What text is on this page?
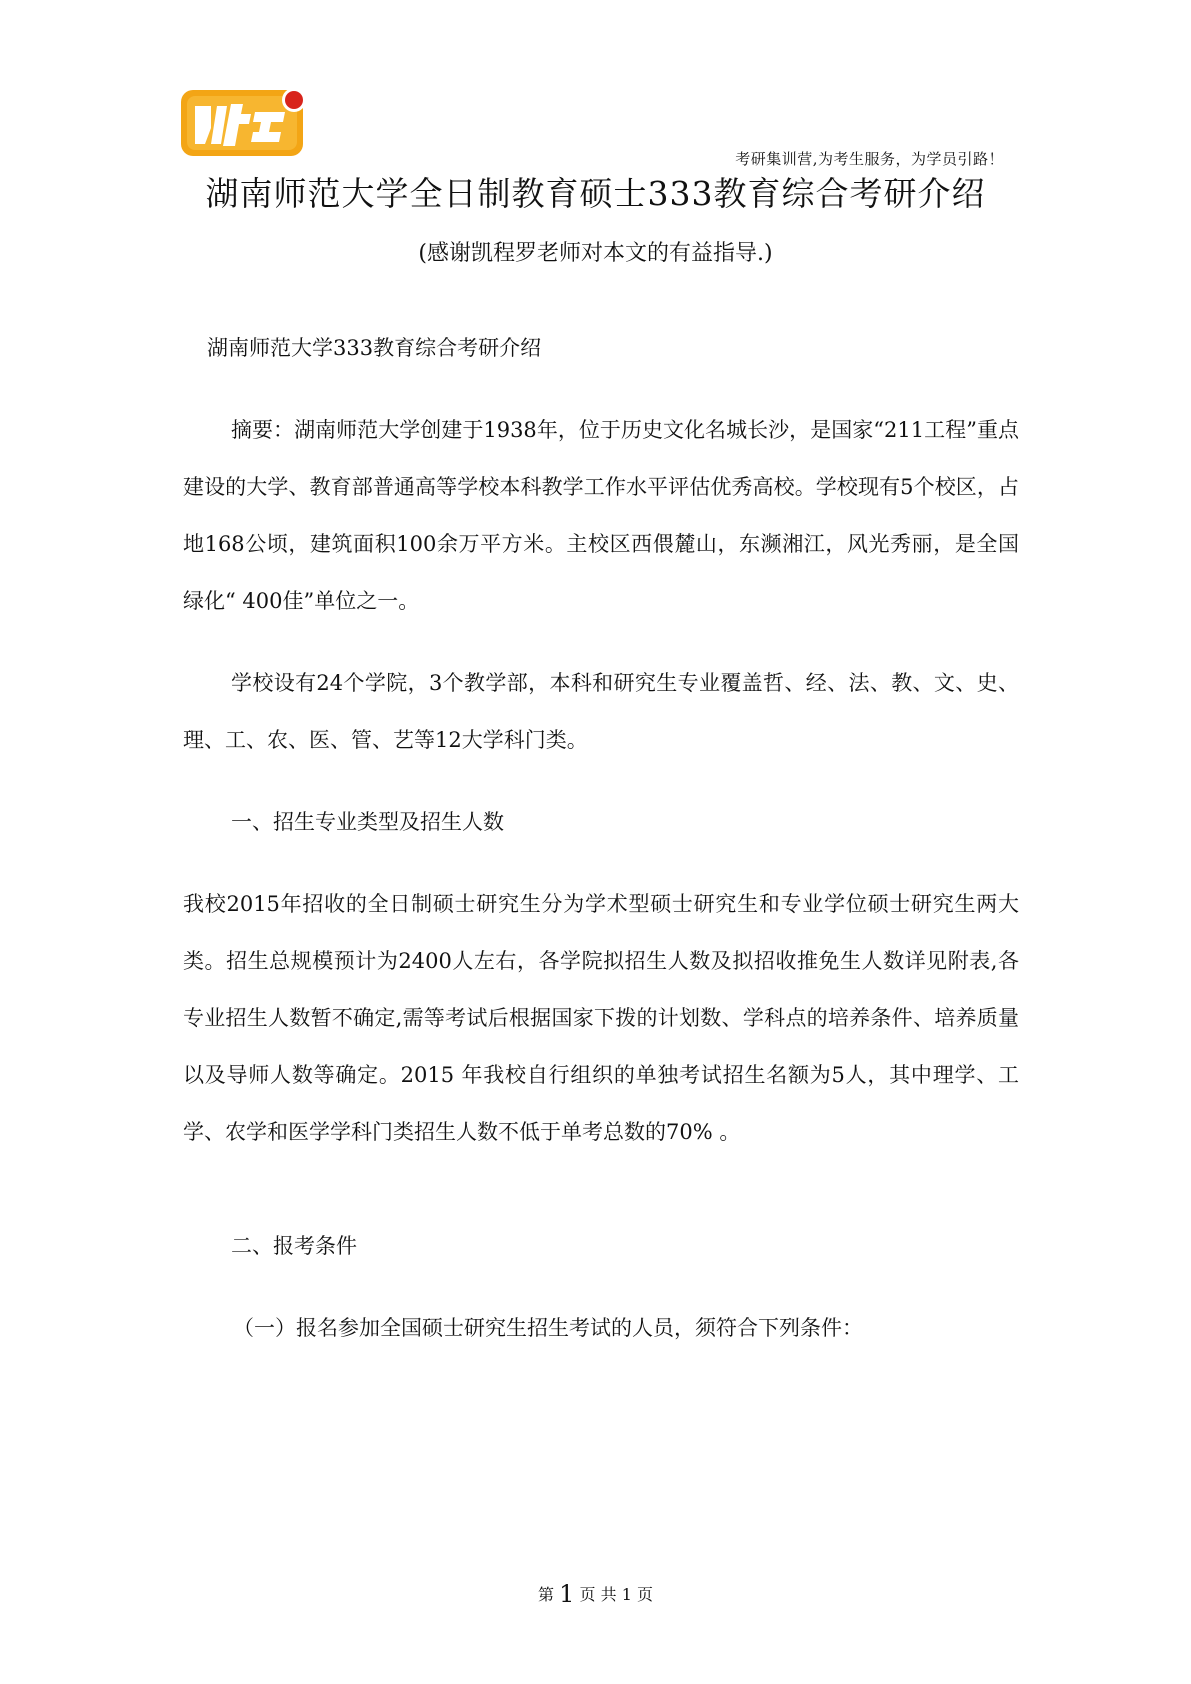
考研集训营,为考生服务，为学员引路！
湖南师范大学全日制教育硕士333教育综合考研介绍
(感谢凯程罗老师对本文的有益指导.)

湖南师范大学333教育综合考研介绍

摘要：湖南师范大学创建于1938年，位于历史文化名城长沙，是国家“211工程”重点建设的大学、教育部普通高等学校本科教学工作水平评估优秀高校。学校现有5个校区，占地168公顷，建筑面积100余万平方米。主校区西偎麓山，东濒湘江，风光秀丽，是全国绿化“ 400佳”单位之一。

学校设有24个学院，3个教学部，本科和研究生专业覆盖哲、经、法、教、文、史、理、工、农、医、管、艺等12大学科门类。

一、招生专业类型及招生人数

我校2015年招收的全日制硕士研究生分为学术型硕士研究生和专业学位硕士研究生两大类。招生总规模预计为2400人左右，各学院拟招生人数及拟招收推免生人数详见附表,各专业招生人数暂不确定,需等考试后根据国家下拨的计划数、学科点的培养条件、培养质量以及导师人数等确定。2015 年我校自行组织的单独考试招生名额为5人，其中理学、工学、农学和医学学科门类招生人数不低于单考总数的70% 。

二、报考条件

（一）报名参加全国硕士研究生招生考试的人员，须符合下列条件：

第 1 页 共 1 页
